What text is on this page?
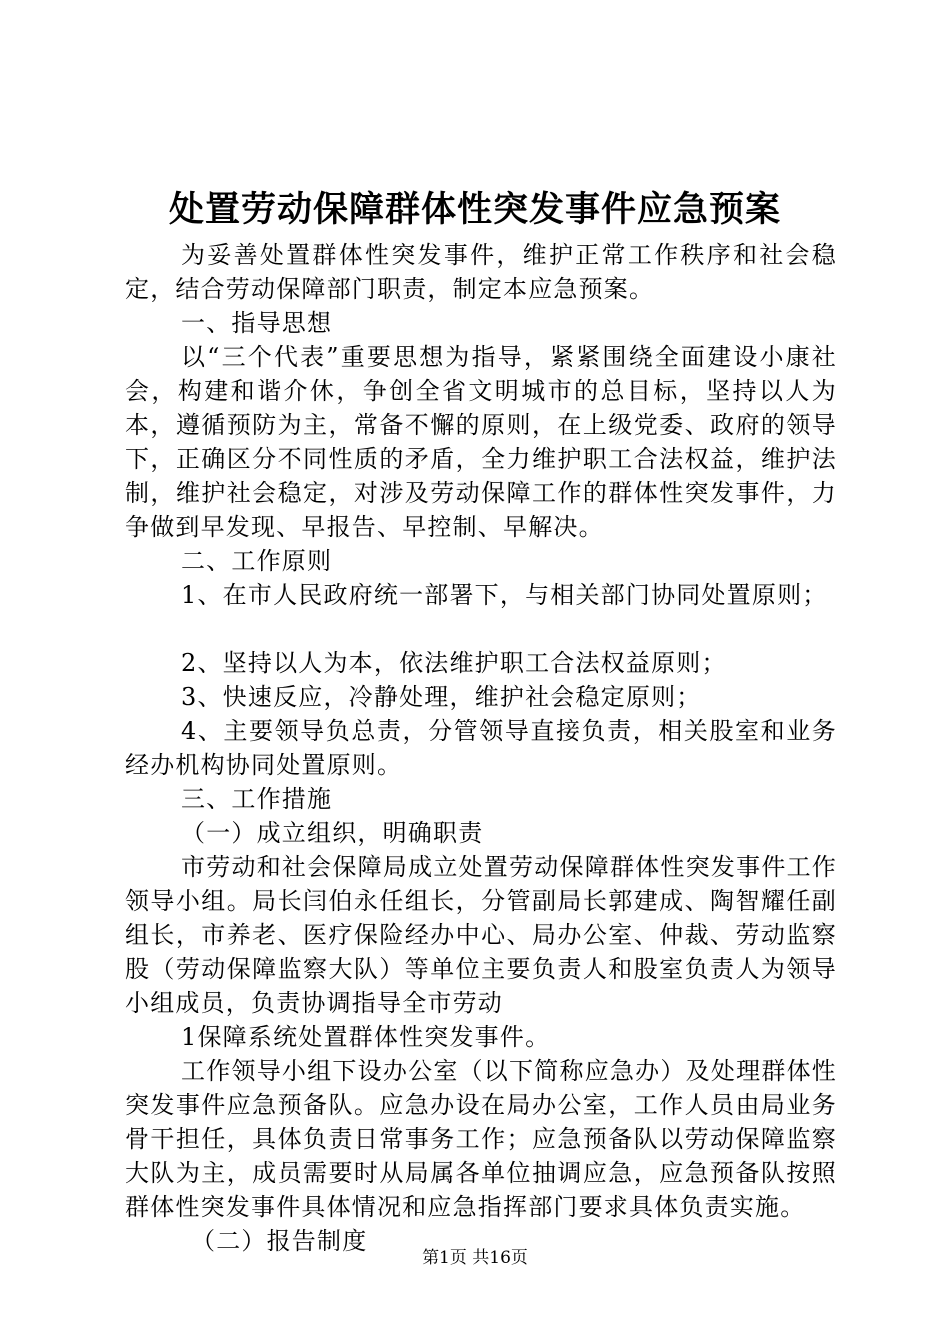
处置劳动保障群体性突发事件应急预案

为妥善处置群体性突发事件，维护正常工作秩序和社会稳定，结合劳动保障部门职责，制定本应急预案。

一、指导思想

以“三个代表”重要思想为指导，紧紧围绕全面建设小康社会，构建和谐介休，争创全省文明城市的总目标，坚持以人为本，遵循预防为主，常备不懈的原则，在上级党委、政府的领导下，正确区分不同性质的矛盾，全力维护职工合法权益，维护法制，维护社会稳定，对涉及劳动保障工作的群体性突发事件，力争做到早发现、早报告、早控制、早解决。

二、工作原则

1、在市人民政府统一部署下，与相关部门协同处置原则；

2、坚持以人为本，依法维护职工合法权益原则；

3、快速反应，冷静处理，维护社会稳定原则；

4、主要领导负总责，分管领导直接负责，相关股室和业务经办机构协同处置原则。

三、工作措施

（一）成立组织，明确职责

市劳动和社会保障局成立处置劳动保障群体性突发事件工作领导小组。局长闫伯永任组长，分管副局长郭建成、陶智耀任副组长，市养老、医疗保险经办中心、局办公室、仲裁、劳动监察股（劳动保障监察大队）等单位主要负责人和股室负责人为领导小组成员，负责协调指导全市劳动

1保障系统处置群体性突发事件。

工作领导小组下设办公室（以下简称应急办）及处理群体性突发事件应急预备队。应急办设在局办公室，工作人员由局业务骨干担任，具体负责日常事务工作；应急预备队以劳动保障监察大队为主，成员需要时从局属各单位抽调应急，应急预备队按照群体性突发事件具体情况和应急指挥部门要求具体负责实施。

（二）报告制度

第1页 共16页
